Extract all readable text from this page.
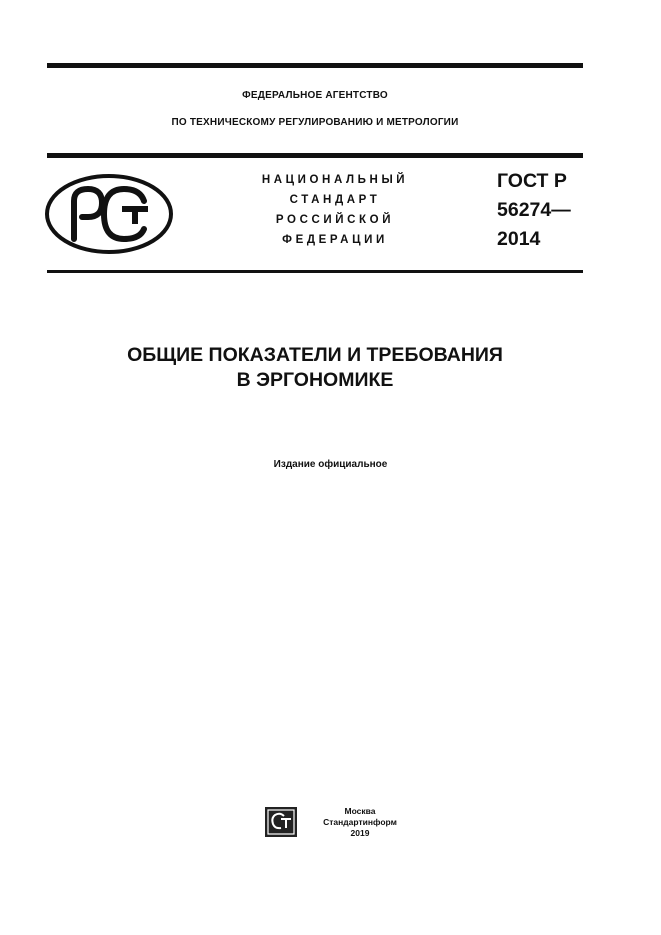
ФЕДЕРАЛЬНОЕ АГЕНТСТВО
ПО ТЕХНИЧЕСКОМУ РЕГУЛИРОВАНИЮ И МЕТРОЛОГИИ
НАЦИОНАЛЬНЫЙ
СТАНДАРТ
РОССИЙСКОЙ
ФЕДЕРАЦИИ
ГОСТ Р
56274—
2014
ОБЩИЕ ПОКАЗАТЕЛИ И ТРЕБОВАНИЯ
В ЭРГОНОМИКЕ
Издание официальное
Москва
Стандартинформ
2019
